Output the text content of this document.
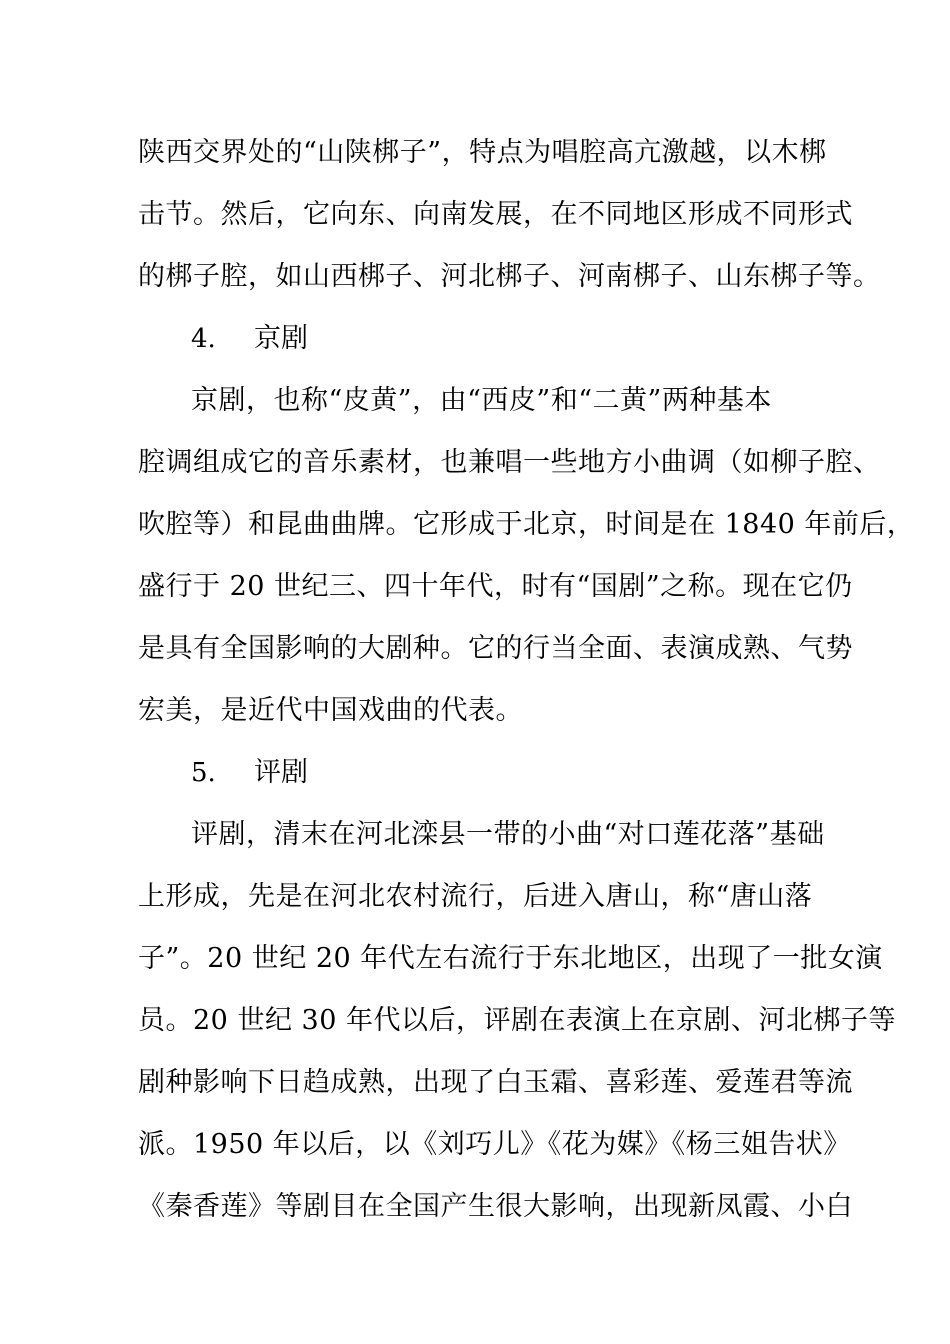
陕西交界处的“山陕梆子”，特点为唱腔高亢激越，以木梆
击节。然后，它向东、向南发展，在不同地区形成不同形式
的梆子腔，如山西梆子、河北梆子、河南梆子、山东梆子等。
4. 京剧
京剧，也称“皮黄”，由“西皮”和“二黄”两种基本
腔调组成它的音乐素材，也兼唱一些地方小曲调（如柳子腔、
吹腔等）和昆曲曲牌。它形成于北京，时间是在 1840 年前后，
盛行于 20 世纪三、四十年代，时有“国剧”之称。现在它仍
是具有全国影响的大剧种。它的行当全面、表演成熟、气势
宏美，是近代中国戏曲的代表。
5. 评剧
评剧，清末在河北滦县一带的小曲“对口莲花落”基础
上形成，先是在河北农村流行，后进入唐山，称“唐山落
子”。20 世纪 20 年代左右流行于东北地区，出现了一批女演
员。20 世纪 30 年代以后，评剧在表演上在京剧、河北梆子等
剧种影响下日趋成熟，出现了白玉霜、喜彩莲、爱莲君等流
派。1950 年以后，以《刘巧儿》《花为媒》《杨三姐告状》
《秦香莲》等剧目在全国产生很大影响，出现新凤霞、小白
